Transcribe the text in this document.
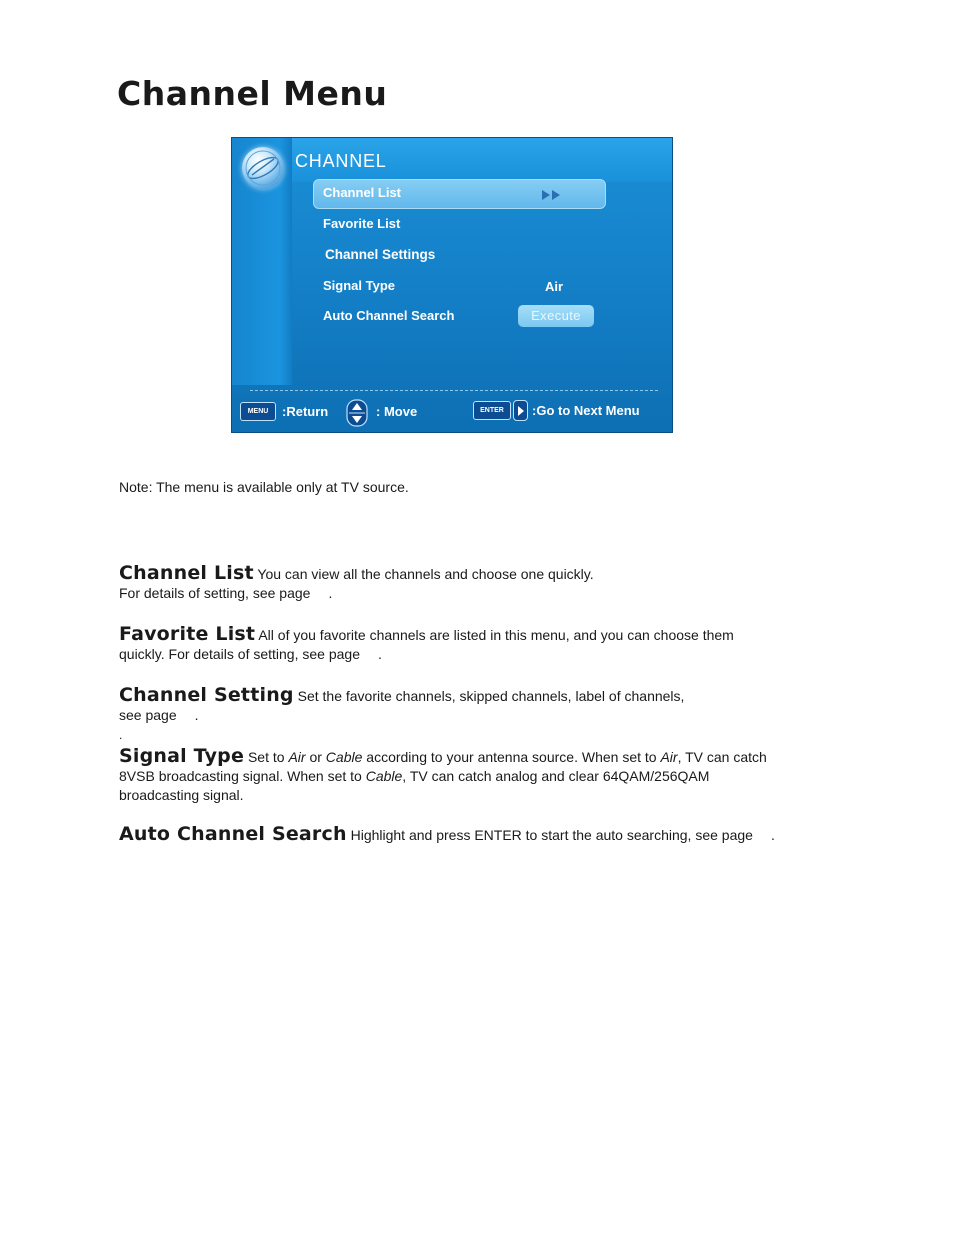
Channel Menu
CHANNEL
Channel List
Favorite List
Channel Settings
Signal Type	Air
Auto Channel Search	Execute
MENU	:Return	: Move	ENTER	:Go to Next Menu
Note: The menu is available only at TV source.
Channel List You can view all the channels and choose one quickly.
For details of setting, see page .
Favorite List All of you favorite channels are listed in this menu, and you can choose them
quickly. For details of setting, see page .
Channel Setting Set the favorite channels, skipped channels, label of channels,
see page .
.
Signal Type Set to Air or Cable according to your antenna source. When set to Air, TV can catch
8VSB broadcasting signal. When set to Cable, TV can catch analog and clear 64QAM/256QAM
broadcasting signal.
Auto Channel Search Highlight and press ENTER to start the auto searching, see page .
